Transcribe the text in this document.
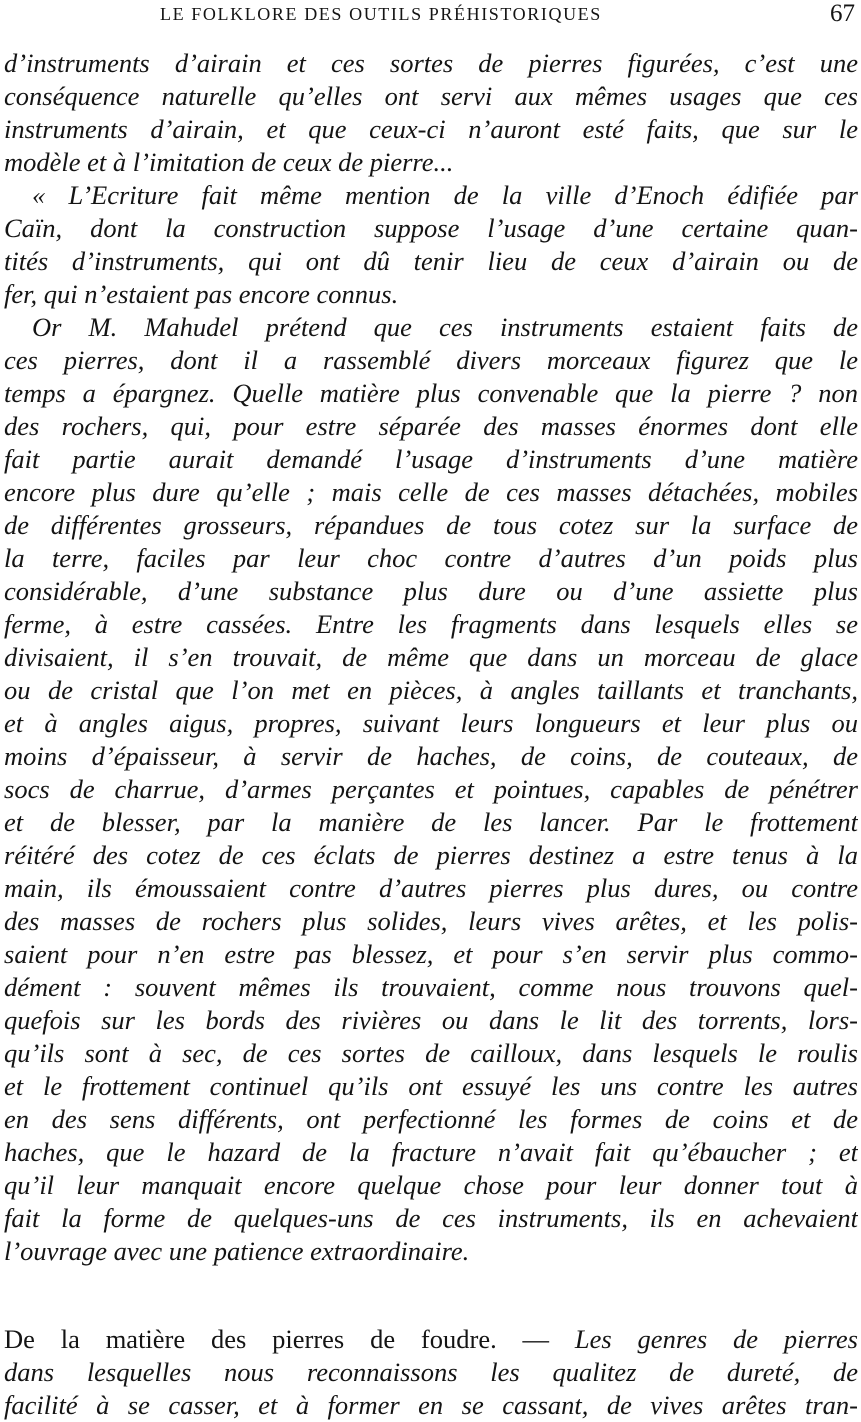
LE FOLKLORE DES OUTILS PRÉHISTORIQUES	67
d’instruments d’airain et ces sortes de pierres figurées, c’est une
conséquence naturelle qu’elles ont servi aux mêmes usages que ces
instruments d’airain, et que ceux-ci n’auront esté faits, que sur le
modèle et à l’imitation de ceux de pierre...
« L’Ecriture fait même mention de la ville d’Enoch édifiée par
Caïn, dont la construction suppose l’usage d’une certaine quan-
tités d’instruments, qui ont dû tenir lieu de ceux d’airain ou de
fer, qui n’estaient pas encore connus.
Or M. Mahudel prétend que ces instruments estaient faits de
ces pierres, dont il a rassemblé divers morceaux figurez que le
temps a épargnez. Quelle matière plus convenable que la pierre ? non
des rochers, qui, pour estre séparée des masses énormes dont elle
fait partie aurait demandé l’usage d’instruments d’une matière
encore plus dure qu’elle ; mais celle de ces masses détachées, mobiles
de différentes grosseurs, répandues de tous cotez sur la surface de
la terre, faciles par leur choc contre d’autres d’un poids plus
considérable, d’une substance plus dure ou d’une assiette plus
ferme, à estre cassées. Entre les fragments dans lesquels elles se
divisaient, il s’en trouvait, de même que dans un morceau de glace
ou de cristal que l’on met en pièces, à angles taillants et tranchants,
et à angles aigus, propres, suivant leurs longueurs et leur plus ou
moins d’épaisseur, à servir de haches, de coins, de couteaux, de
socs de charrue, d’armes perçantes et pointues, capables de pénétrer
et de blesser, par la manière de les lancer. Par le frottement
réitéré des cotez de ces éclats de pierres destinez a estre tenus à la
main, ils émoussaient contre d’autres pierres plus dures, ou contre
des masses de rochers plus solides, leurs vives arêtes, et les polis-
saient pour n’en estre pas blessez, et pour s’en servir plus commo-
dément : souvent mêmes ils trouvaient, comme nous trouvons quel-
quefois sur les bords des rivières ou dans le lit des torrents, lors-
qu’ils sont à sec, de ces sortes de cailloux, dans lesquels le roulis
et le frottement continuel qu’ils ont essuyé les uns contre les autres
en des sens différents, ont perfectionné les formes de coins et de
haches, que le hazard de la fracture n’avait fait qu’ébaucher ; et
qu’il leur manquait encore quelque chose pour leur donner tout à
fait la forme de quelques-uns de ces instruments, ils en achevaient
l’ouvrage avec une patience extraordinaire.
De la matière des pierres de foudre. — Les genres de pierres
dans lesquelles nous reconnaissons les qualitez de dureté, de
facilité à se casser, et à former en se cassant, de vives arêtes tran-
